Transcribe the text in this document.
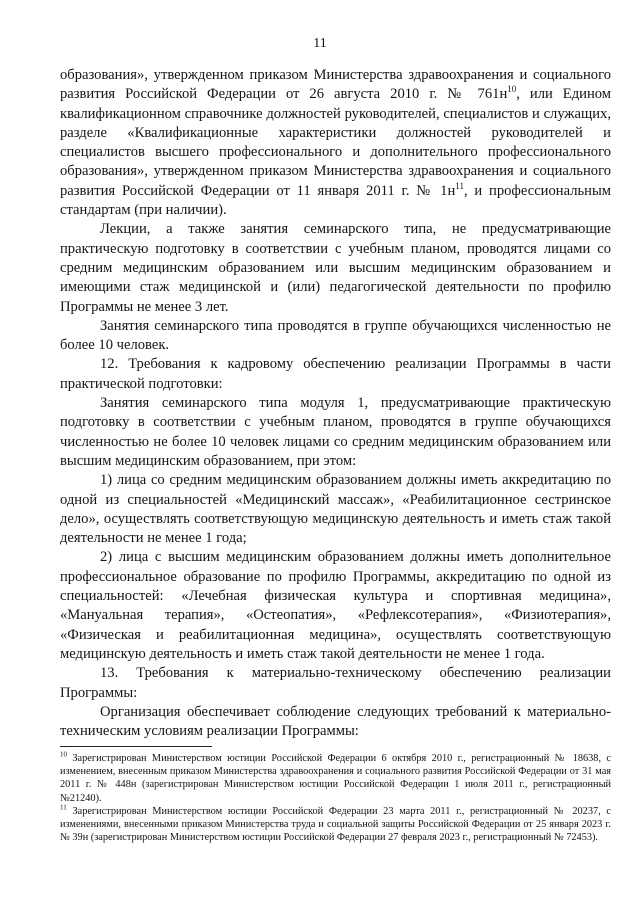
11

образования», утвержденном приказом Министерства здравоохранения и социального развития Российской Федерации от 26 августа 2010 г. № $761н^{10}$, или Едином квалификационном справочнике должностей руководителей, специалистов и служащих, разделе «Квалификационные характеристики должностей руководителей и специалистов высшего профессионального и дополнительного профессионального образования», утвержденном приказом Министерства здравоохранения и социального развития Российской Федерации от 11 января 2011 г. № $1н^{11}$, и профессиональным стандартам (при наличии).

Лекции, а также занятия семинарского типа, не предусматривающие практическую подготовку в соответствии с учебным планом, проводятся лицами со средним медицинским образованием или высшим медицинским образованием и имеющими стаж медицинской и (или) педагогической деятельности по профилю Программы не менее 3 лет.

Занятия семинарского типа проводятся в группе обучающихся численностью не более 10 человек.

12. Требования к кадровому обеспечению реализации Программы в части практической подготовки:

Занятия семинарского типа модуля 1, предусматривающие практическую подготовку в соответствии с учебным планом, проводятся в группе обучающихся численностью не более 10 человек лицами со средним медицинским образованием или высшим медицинским образованием, при этом:

1) лица со средним медицинским образованием должны иметь аккредитацию по одной из специальностей «Медицинский массаж», «Реабилитационное сестринское дело», осуществлять соответствующую медицинскую деятельность и иметь стаж такой деятельности не менее 1 года;

2) лица с высшим медицинским образованием должны иметь дополнительное профессиональное образование по профилю Программы, аккредитацию по одной из специальностей: «Лечебная физическая культура и спортивная медицина», «Мануальная терапия», «Остеопатия», «Рефлексотерапия», «Физиотерапия», «Физическая и реабилитационная медицина», осуществлять соответствующую медицинскую деятельность и иметь стаж такой деятельности не менее 1 года.

13. Требования к материально-техническому обеспечению реализации Программы:

Организация обеспечивает соблюдение следующих требований к материально-техническим условиям реализации Программы:

$^{10}$ Зарегистрирован Министерством юстиции Российской Федерации 6 октября 2010 г., регистрационный № 18638, с изменением, внесенным приказом Министерства здравоохранения и социального развития Российской Федерации от 31 мая 2011 г. № 448н (зарегистрирован Министерством юстиции Российской Федерации 1 июля 2011 г., регистрационный №21240).

$^{11}$ Зарегистрирован Министерством юстиции Российской Федерации 23 марта 2011 г., регистрационный № 20237, с изменениями, внесенными приказом Министерства труда и социальной защиты Российской Федерации от 25 января 2023 г. № 39н (зарегистрирован Министерством юстиции Российской Федерации 27 февраля 2023 г., регистрационный № 72453).
